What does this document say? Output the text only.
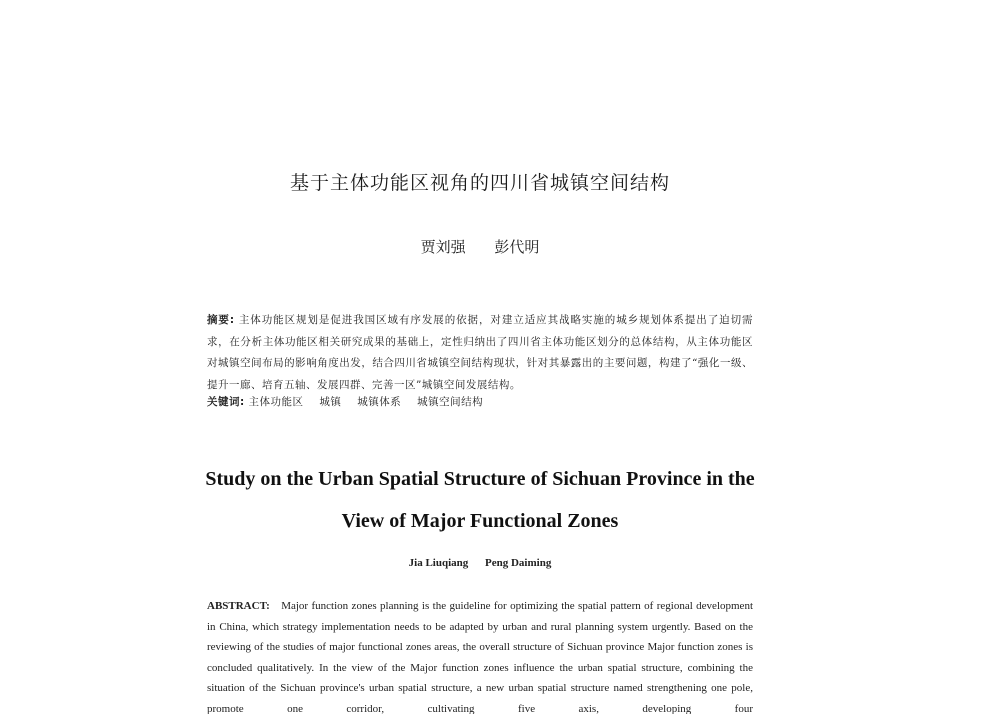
基于主体功能区视角的四川省城镇空间结构
贾刘强 彭代明
摘要: 主体功能区规划是促进我国区域有序发展的依据，对建立适应其战略实施的城乡规划体系提出了迫切需求，在分析主体功能区相关研究成果的基础上，定性归纳出了四川省主体功能区划分的总体结构，从主体功能区对城镇空间布局的影响角度出发，结合四川省城镇空间结构现状，针对其暴露出的主要问题，构建了“强化一级、提升一廊、培育五轴、发展四群、完善一区”城镇空间发展结构。
关键词: 主体功能区 城镇 城镇体系 城镇空间结构
Study on the Urban Spatial Structure of Sichuan Province in the View of Major Functional Zones
Jia Liuqiang Peng Daiming
ABSTRACT: Major function zones planning is the guideline for optimizing the spatial pattern of regional development in China, which strategy implementation needs to be adapted by urban and rural planning system urgently. Based on the reviewing of the studies of major functional zones areas, the overall structure of Sichuan province Major function zones is concluded qualitatively. In the view of the Major function zones influence the urban spatial structure, combining the situation of the Sichuan province's urban spatial structure, a new urban spatial structure named strengthening one pole, promote one corridor, cultivating five axis, developing four
